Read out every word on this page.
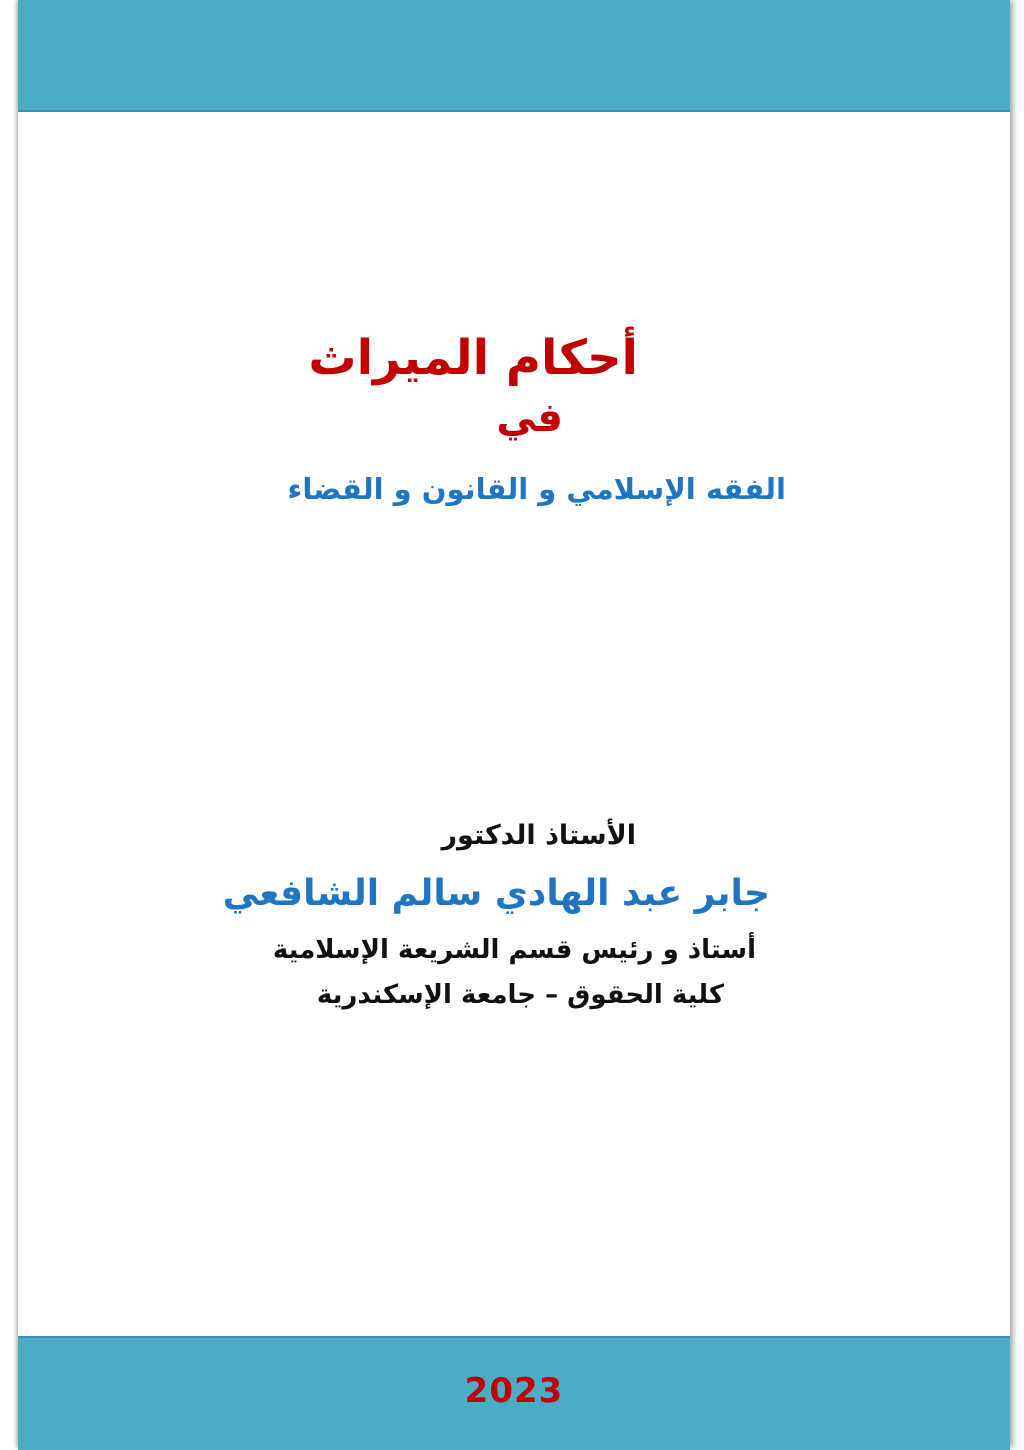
أحكام الميراث
في
الفقه الإسلامي و القانون و القضاء
الأستاذ الدكتور
جابر عبد الهادي سالم الشافعي
أستاذ و رئيس قسم الشريعة الإسلامية
كلية الحقوق – جامعة الإسكندرية
2023
